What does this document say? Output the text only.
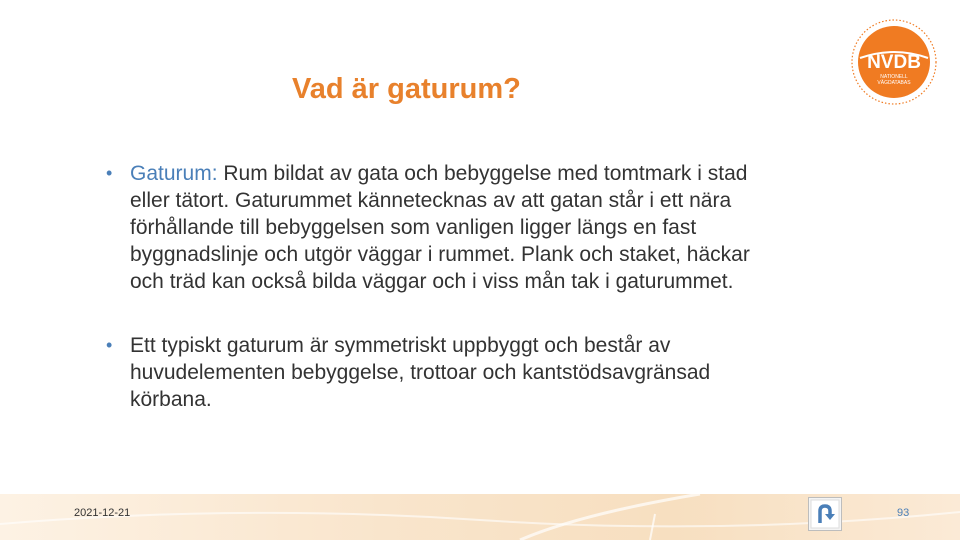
Vad är gaturum?
NVDB
NATIONELL
VÄGDATABAS
• Gaturum: Rum bildat av gata och bebyggelse med tomtmark i stad
eller tätort. Gaturummet kännetecknas av att gatan står i ett nära
förhållande till bebyggelsen som vanligen ligger längs en fast
byggnadslinje och utgör väggar i rummet. Plank och staket, häckar
och träd kan också bilda väggar och i viss mån tak i gaturummet.
• Ett typiskt gaturum är symmetriskt uppbyggt och består av
huvudelementen bebyggelse, trottoar och kantstödsavgränsad
körbana.
2021-12-21	93
